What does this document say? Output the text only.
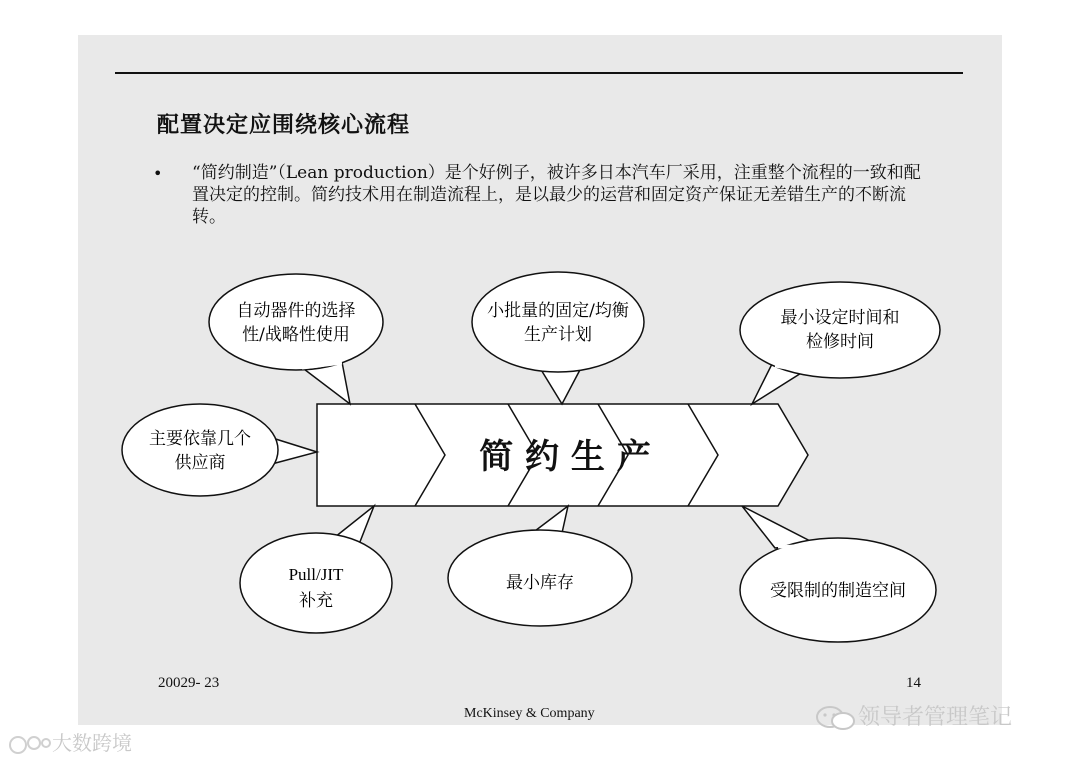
配置决定应围绕核心流程
• “简约制造”（Lean production）是个好例子，被许多日本汽车厂采用，注重整个流程的一致和配置决定的控制。简约技术用在制造流程上，是以最少的运营和固定资产保证无差错生产的不断流转。
简 约 生 产
自动器件的选择
性/战略性使用
小批量的固定/均衡
生产计划
最小设定时间和
检修时间
主要依靠几个
供应商
Pull/JIT
补充
最小库存	受限制的制造空间
20029- 23	14
McKinsey & Company
大数跨境
领导者管理笔记
